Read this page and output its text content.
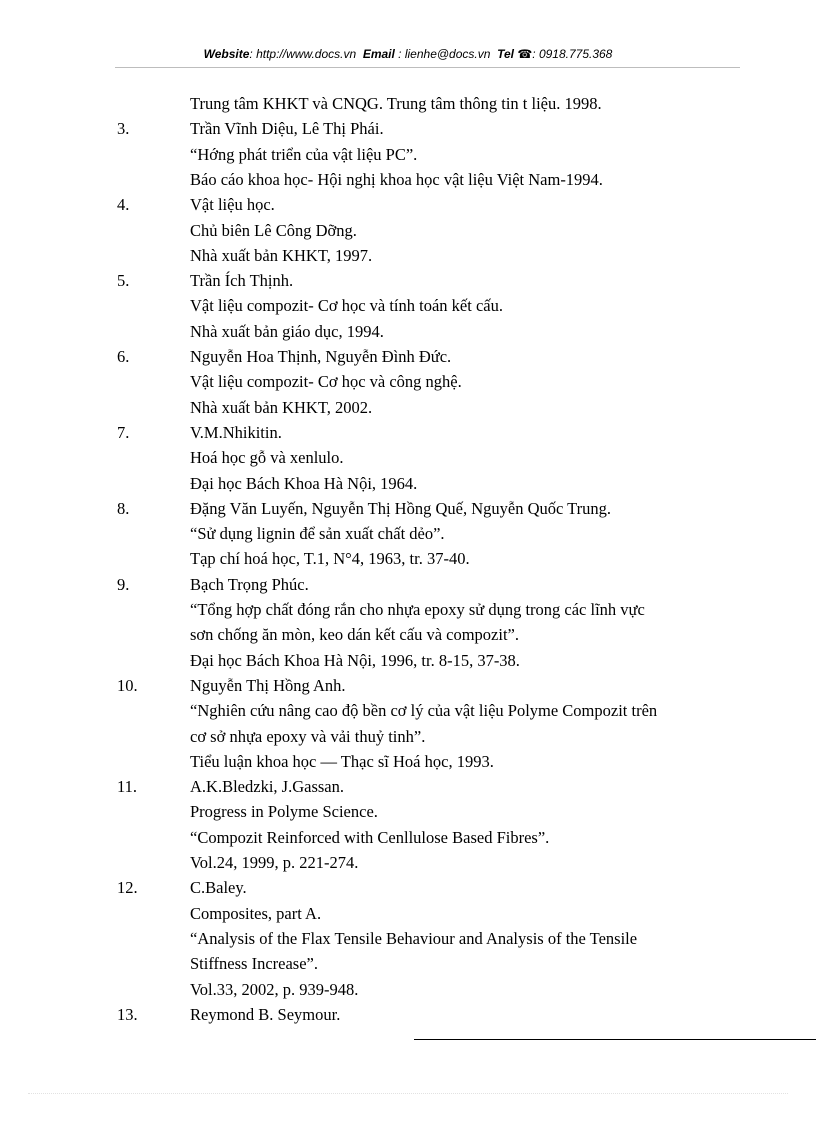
Website: http://www.docs.vn Email : lienhe@docs.vn Tel ☎: 0918.775.368
Trung tâm KHKT và CNQG. Trung tâm thông tin t liệu. 1998.
3.	Trần Vĩnh Diệu, Lê Thị Phái.
“Hớng phát triển của vật liệu PC”.
Báo cáo khoa học- Hội nghị khoa học vật liệu Việt Nam-1994.
4.	Vật liệu học.
Chủ biên Lê Công Dỡng.
Nhà xuất bản KHKT, 1997.
5.	Trần Ích Thịnh.
Vật liệu compozit- Cơ học và tính toán kết cấu.
Nhà xuất bản giáo dục, 1994.
6.	Nguyễn Hoa Thịnh, Nguyễn Đình Đức.
Vật liệu compozit- Cơ học và công nghệ.
Nhà xuất bản KHKT, 2002.
7.	V.M.Nhikitin.
Hoá học gỗ và xenlulo.
Đại học Bách Khoa Hà Nội, 1964.
8.	Đặng Văn Luyến, Nguyễn Thị Hồng Quế, Nguyễn Quốc Trung.
“Sử dụng lignin để sản xuất chất dẻo”.
Tạp chí hoá học, T.1, N°4, 1963, tr. 37-40.
9.	Bạch Trọng Phúc.
“Tổng hợp chất đóng rắn cho nhựa epoxy sử dụng trong các lĩnh vực
sơn chống ăn mòn, keo dán kết cấu và compozit”.
Đại học Bách Khoa Hà Nội, 1996, tr. 8-15, 37-38.
10.	Nguyễn Thị Hồng Anh.
“Nghiên cứu nâng cao độ bền cơ lý của vật liệu Polyme Compozit trên
cơ sở nhựa epoxy và vải thuỷ tinh”.
Tiểu luận khoa học — Thạc sĩ Hoá học, 1993.
11.	A.K.Bledzki, J.Gassan.
Progress in Polyme Science.
“Compozit Reinforced with Cenllulose Based Fibres”.
Vol.24, 1999, p. 221-274.
12.	C.Baley.
Composites, part A.
“Analysis of the Flax Tensile Behaviour and Analysis of the Tensile
Stiffness Increase”.
Vol.33, 2002, p. 939-948.
13.	Reymond B. Seymour.
